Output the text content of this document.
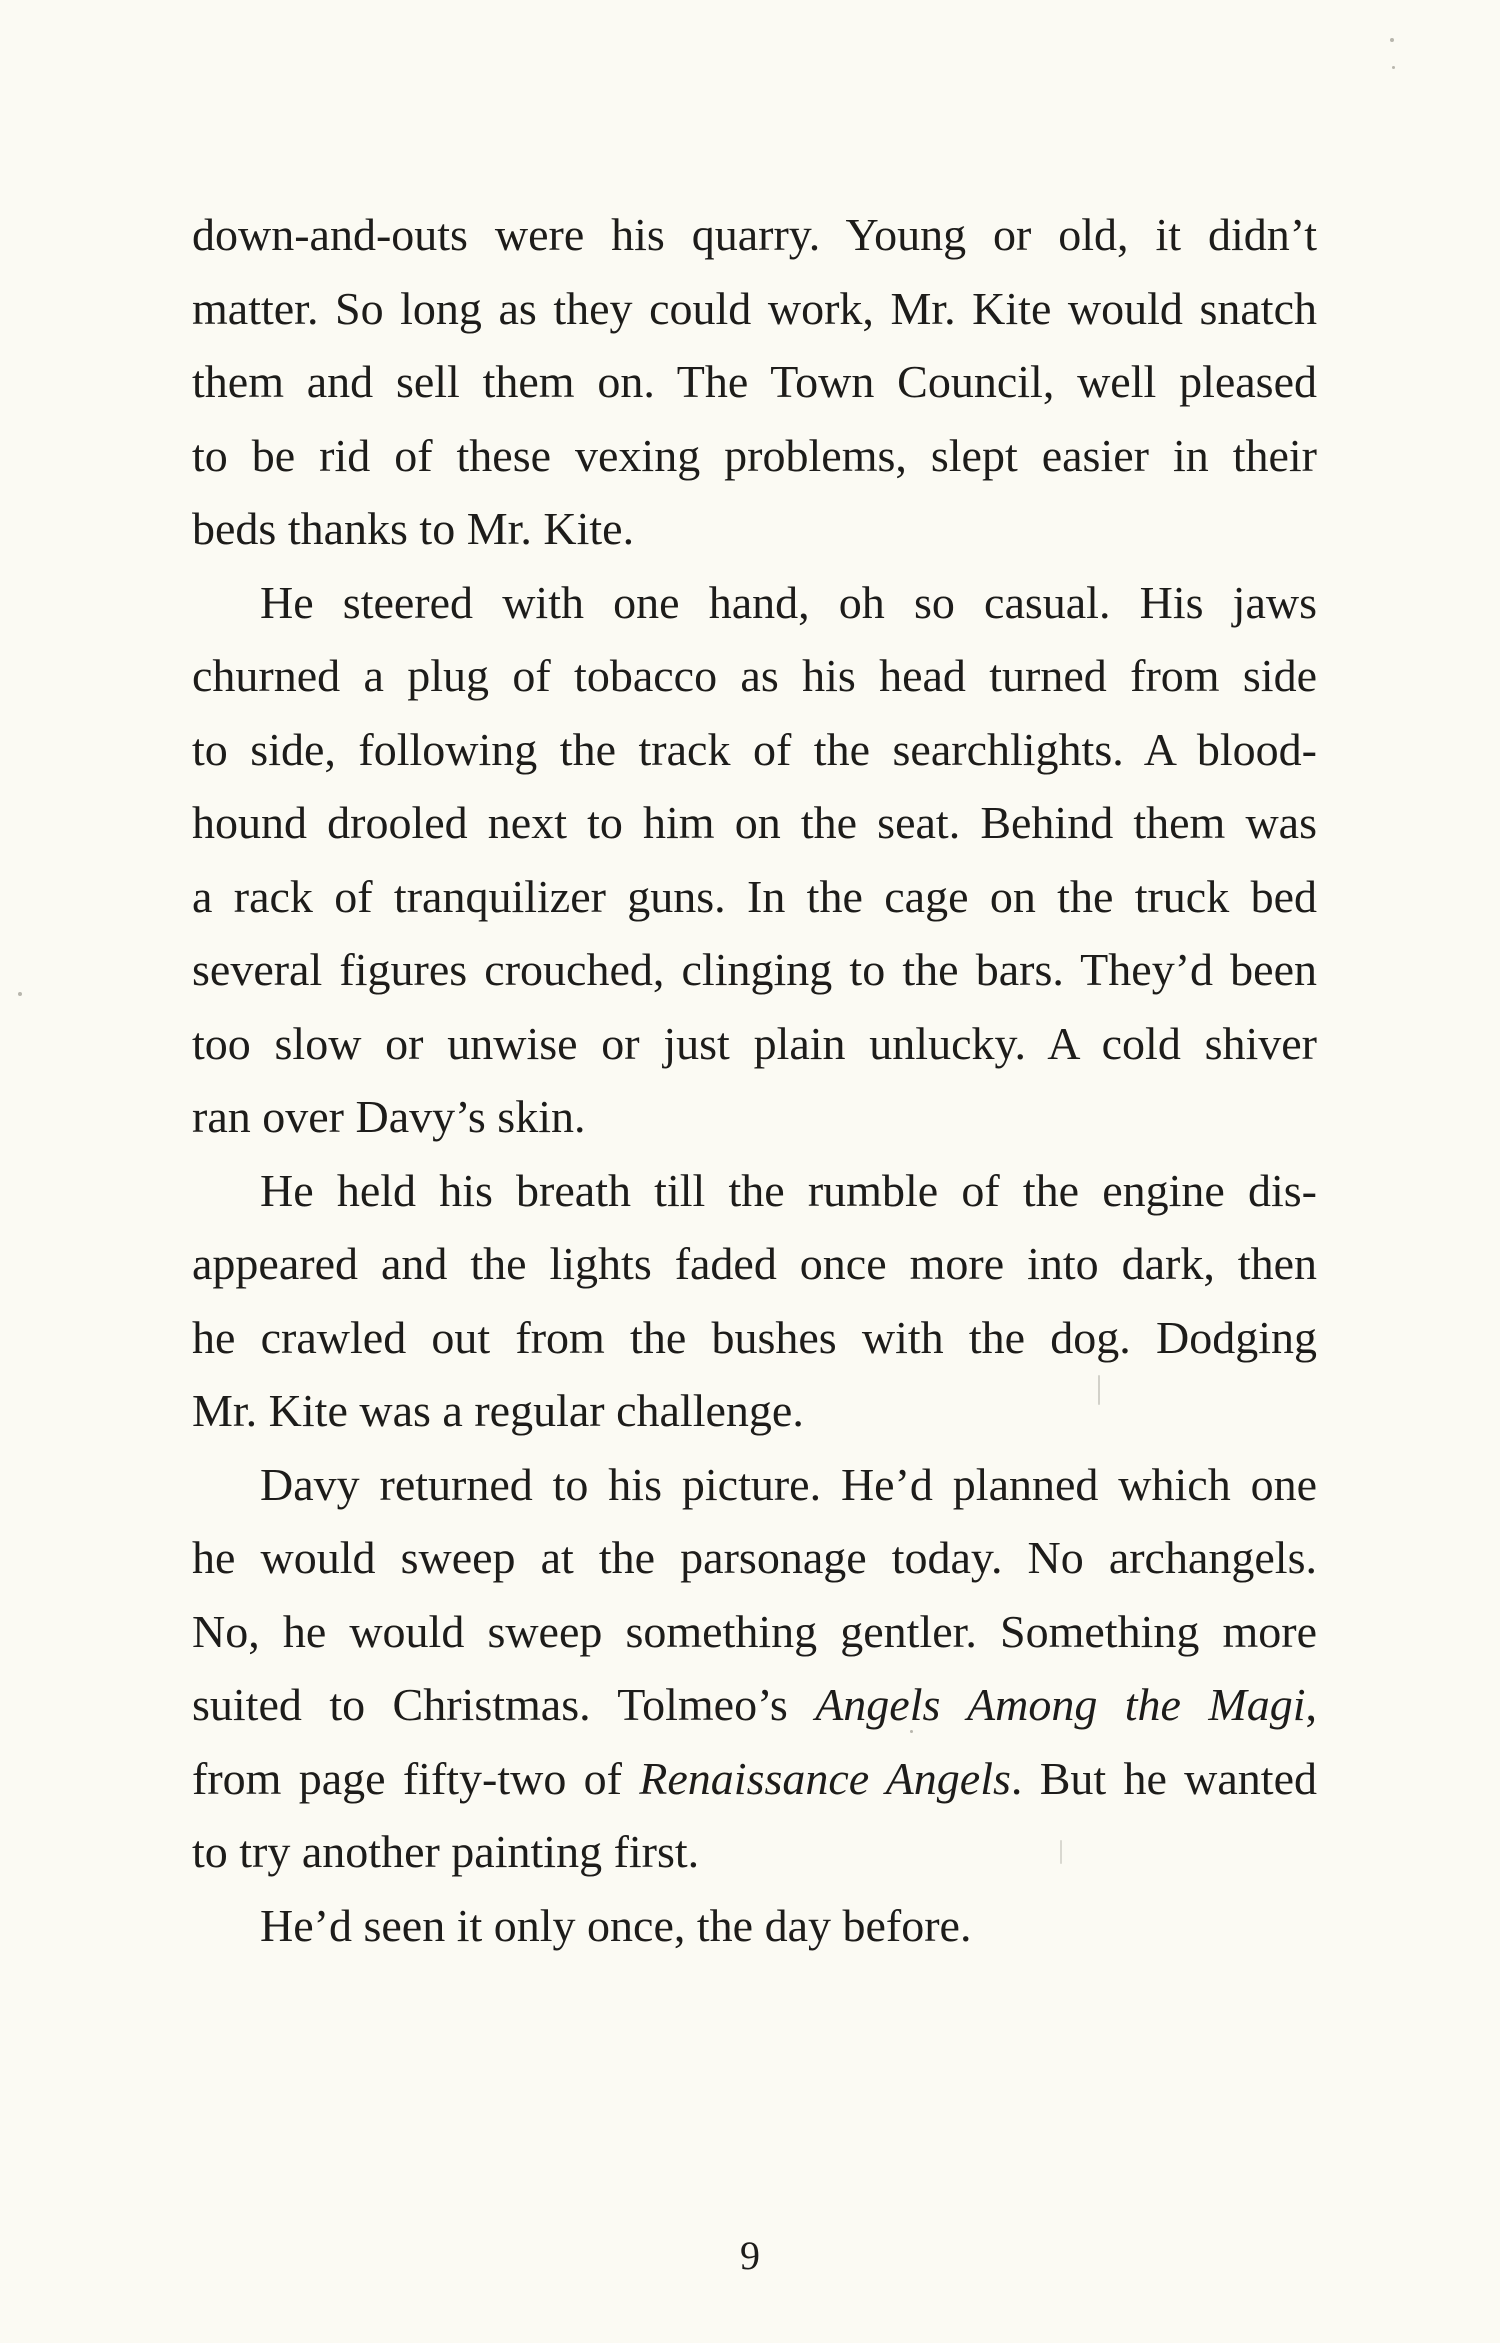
down-and-outs were his quarry. Young or old, it didn’t
matter. So long as they could work, Mr. Kite would snatch
them and sell them on. The Town Council, well pleased
to be rid of these vexing problems, slept easier in their
beds thanks to Mr. Kite.
He steered with one hand, oh so casual. His jaws
churned a plug of tobacco as his head turned from side
to side, following the track of the searchlights. A blood-
hound drooled next to him on the seat. Behind them was
a rack of tranquilizer guns. In the cage on the truck bed
several figures crouched, clinging to the bars. They’d been
too slow or unwise or just plain unlucky. A cold shiver
ran over Davy’s skin.
He held his breath till the rumble of the engine dis-
appeared and the lights faded once more into dark, then
he crawled out from the bushes with the dog. Dodging
Mr. Kite was a regular challenge.
Davy returned to his picture. He’d planned which one
he would sweep at the parsonage today. No archangels.
No, he would sweep something gentler. Something more
suited to Christmas. Tolmeo’s Angels Among the Magi,
from page fifty-two of Renaissance Angels. But he wanted
to try another painting first.
He’d seen it only once, the day before.
9
